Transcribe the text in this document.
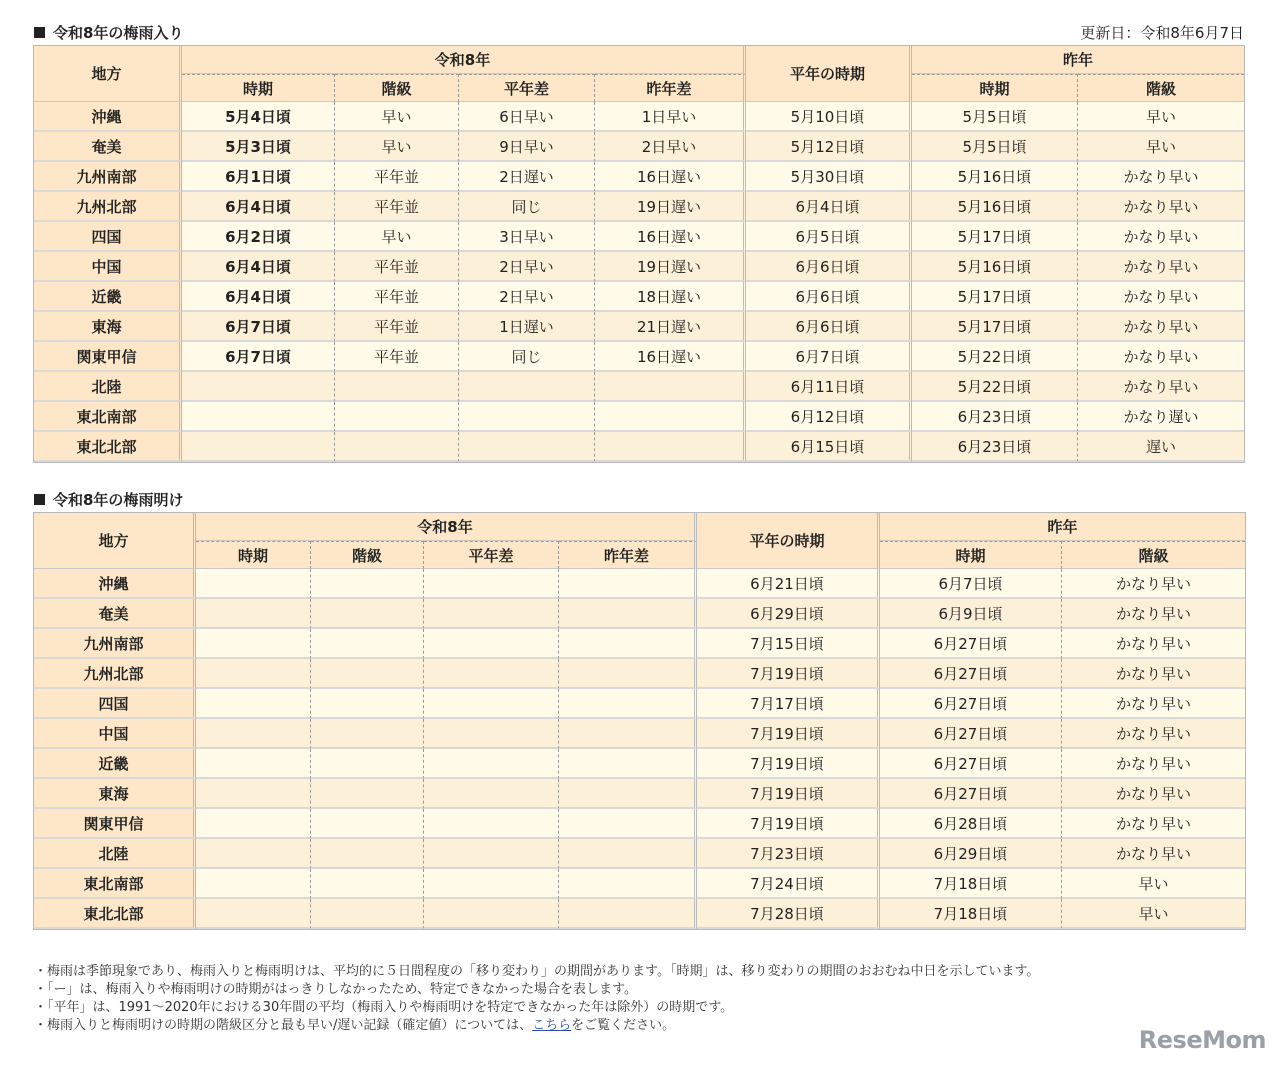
令和8年の梅雨入り	更新日：令和8年6月7日
地方	令和8年				平年の時期	昨年	
	時期	階級	平年差	昨年差		時期	階級
沖縄	5月4日頃	早い	6日早い	1日早い	5月10日頃	5月5日頃	早い
奄美	5月3日頃	早い	9日早い	2日早い	5月12日頃	5月5日頃	早い
九州南部	6月1日頃	平年並	2日遅い	16日遅い	5月30日頃	5月16日頃	かなり早い
九州北部	6月4日頃	平年並	同じ	19日遅い	6月4日頃	5月16日頃	かなり早い
四国	6月2日頃	早い	3日早い	16日遅い	6月5日頃	5月17日頃	かなり早い
中国	6月4日頃	平年並	2日早い	19日遅い	6月6日頃	5月16日頃	かなり早い
近畿	6月4日頃	平年並	2日早い	18日遅い	6月6日頃	5月17日頃	かなり早い
東海	6月7日頃	平年並	1日遅い	21日遅い	6月6日頃	5月17日頃	かなり早い
関東甲信	6月7日頃	平年並	同じ	16日遅い	6月7日頃	5月22日頃	かなり早い
北陸					6月11日頃	5月22日頃	かなり早い
東北南部					6月12日頃	6月23日頃	かなり遅い
東北北部					6月15日頃	6月23日頃	遅い
令和8年の梅雨明け
地方	令和8年				平年の時期	昨年	
	時期	階級	平年差	昨年差		時期	階級
沖縄					6月21日頃	6月7日頃	かなり早い
奄美					6月29日頃	6月9日頃	かなり早い
九州南部					7月15日頃	6月27日頃	かなり早い
九州北部					7月19日頃	6月27日頃	かなり早い
四国					7月17日頃	6月27日頃	かなり早い
中国					7月19日頃	6月27日頃	かなり早い
近畿					7月19日頃	6月27日頃	かなり早い
東海					7月19日頃	6月27日頃	かなり早い
関東甲信					7月19日頃	6月28日頃	かなり早い
北陸					7月23日頃	6月29日頃	かなり早い
東北南部					7月24日頃	7月18日頃	早い
東北北部					7月28日頃	7月18日頃	早い
・梅雨は季節現象であり、梅雨入りと梅雨明けは、平均的に５日間程度の「移り変わり」の期間があります。「時期」は、移り変わりの期間のおおむね中日を示しています。
・「ー」は、梅雨入りや梅雨明けの時期がはっきりしなかったため、特定できなかった場合を表します。
・「平年」は、1991～2020年における30年間の平均（梅雨入りや梅雨明けを特定できなかった年は除外）の時期です。
・梅雨入りと梅雨明けの時期の階級区分と最も早い/遅い記録（確定値）については、こちらをご覧ください。
ReseMom
